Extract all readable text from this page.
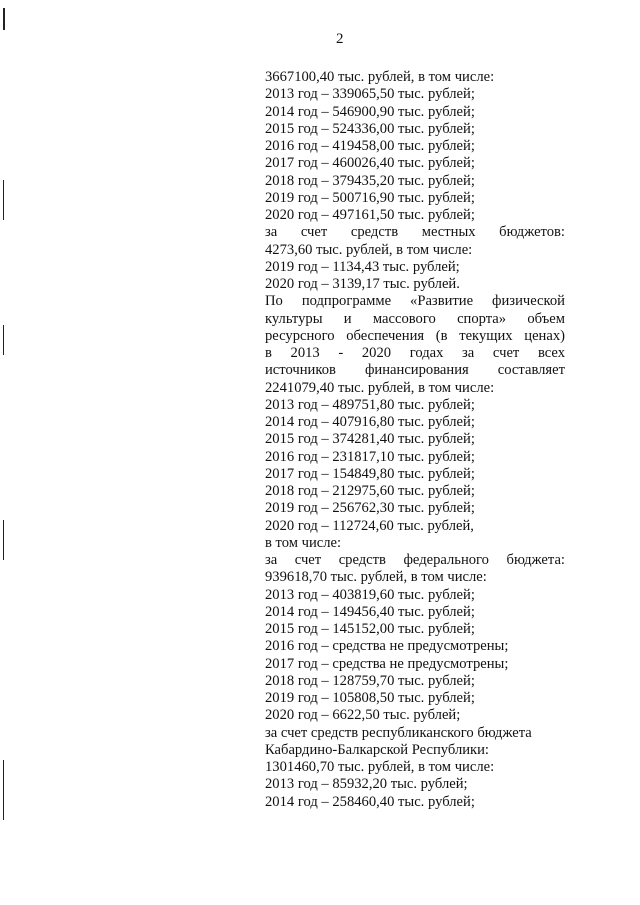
2
3667100,40 тыс. рублей, в том числе:
2013 год – 339065,50 тыс. рублей;
2014 год – 546900,90 тыс. рублей;
2015 год – 524336,00 тыс. рублей;
2016 год – 419458,00 тыс. рублей;
2017 год – 460026,40 тыс. рублей;
2018 год – 379435,20 тыс. рублей;
2019 год – 500716,90 тыс. рублей;
2020 год – 497161,50 тыс. рублей;
за счет средств местных бюджетов:
4273,60 тыс. рублей, в том числе:
2019 год – 1134,43 тыс. рублей;
2020 год – 3139,17 тыс. рублей.
По подпрограмме «Развитие физической
культуры и массового спорта» объем
ресурсного обеспечения (в текущих ценах)
в 2013 - 2020 годах за счет всех
источников финансирования составляет
2241079,40 тыс. рублей, в том числе:
2013 год – 489751,80 тыс. рублей;
2014 год – 407916,80 тыс. рублей;
2015 год – 374281,40 тыс. рублей;
2016 год – 231817,10 тыс. рублей;
2017 год – 154849,80 тыс. рублей;
2018 год – 212975,60 тыс. рублей;
2019 год – 256762,30 тыс. рублей;
2020 год – 112724,60 тыс. рублей,
в том числе:
за счет средств федерального бюджета:
939618,70 тыс. рублей, в том числе:
2013 год – 403819,60 тыс. рублей;
2014 год – 149456,40 тыс. рублей;
2015 год – 145152,00 тыс. рублей;
2016 год – средства не предусмотрены;
2017 год – средства не предусмотрены;
2018 год – 128759,70 тыс. рублей;
2019 год – 105808,50 тыс. рублей;
2020 год – 6622,50 тыс. рублей;
за счет средств республиканского бюджета
Кабардино-Балкарской Республики:
1301460,70 тыс. рублей, в том числе:
2013 год – 85932,20 тыс. рублей;
2014 год – 258460,40 тыс. рублей;
